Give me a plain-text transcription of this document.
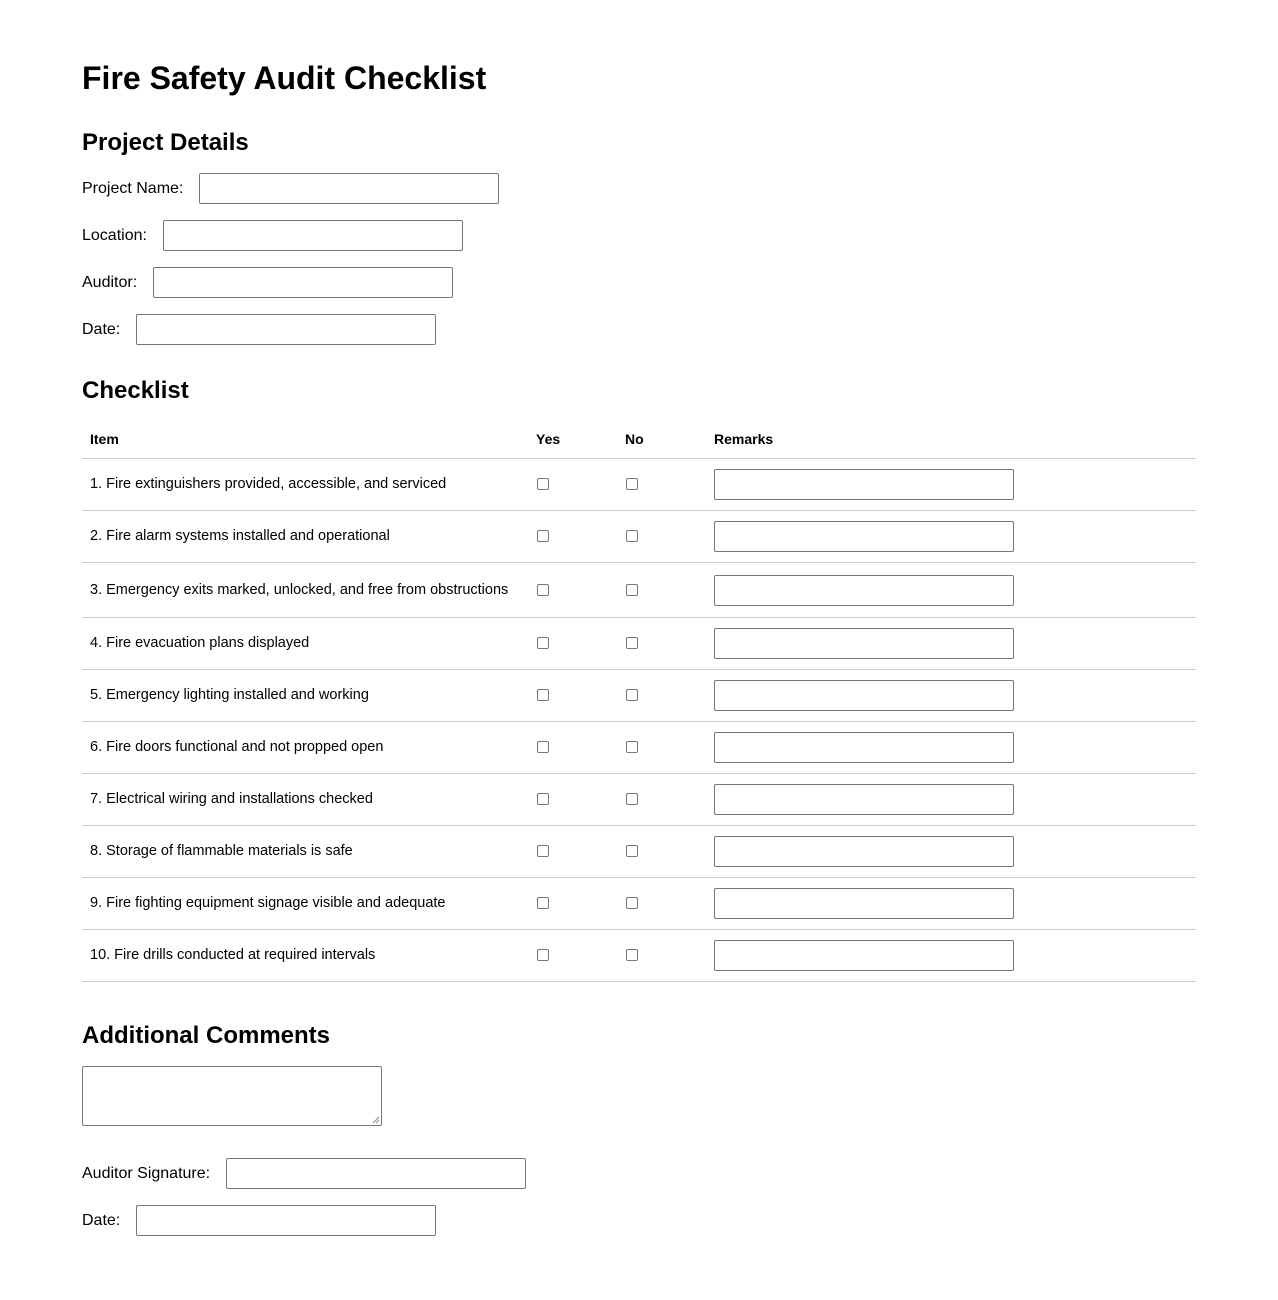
Fire Safety Audit Checklist
Project Details
Project Name:
Location:
Auditor:
Date:
Checklist
Item	Yes	No	Remarks
1. Fire extinguishers provided, accessible, and serviced			
2. Fire alarm systems installed and operational			
3. Emergency exits marked, unlocked, and free from obstructions			
4. Fire evacuation plans displayed			
5. Emergency lighting installed and working			
6. Fire doors functional and not propped open			
7. Electrical wiring and installations checked			
8. Storage of flammable materials is safe			
9. Fire fighting equipment signage visible and adequate			
10. Fire drills conducted at required intervals			
Additional Comments
Auditor Signature:
Date:
